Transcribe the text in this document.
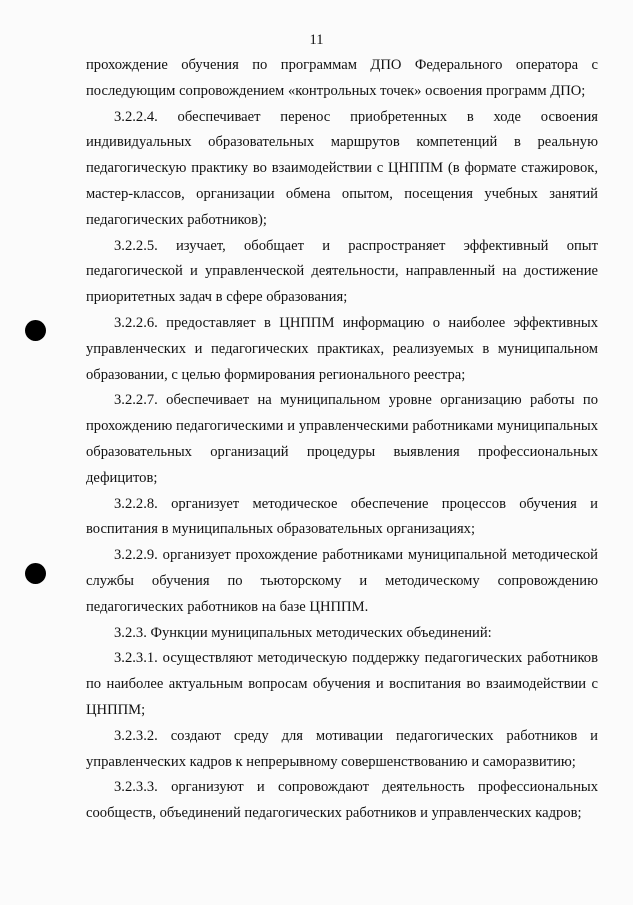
11

прохождение обучения по программам ДПО Федерального оператора с последующим сопровождением «контрольных точек» освоения программ ДПО;

3.2.2.4. обеспечивает перенос приобретенных в ходе освоения индивидуальных образовательных маршрутов компетенций в реальную педагогическую практику во взаимодействии с ЦНППМ (в формате стажировок, мастер-классов, организации обмена опытом, посещения учебных занятий педагогических работников);

3.2.2.5. изучает, обобщает и распространяет эффективный опыт педагогической и управленческой деятельности, направленный на достижение приоритетных задач в сфере образования;

3.2.2.6. предоставляет в ЦНППМ информацию о наиболее эффективных управленческих и педагогических практиках, реализуемых в муниципальном образовании, с целью формирования регионального реестра;

3.2.2.7. обеспечивает на муниципальном уровне организацию работы по прохождению педагогическими и управленческими работниками муниципальных образовательных организаций процедуры выявления профессиональных дефицитов;

3.2.2.8. организует методическое обеспечение процессов обучения и воспитания в муниципальных образовательных организациях;

3.2.2.9. организует прохождение работниками муниципальной методической службы обучения по тьюторскому и методическому сопровождению педагогических работников на базе ЦНППМ.

3.2.3. Функции муниципальных методических объединений:

3.2.3.1. осуществляют методическую поддержку педагогических работников по наиболее актуальным вопросам обучения и воспитания во взаимодействии с ЦНППМ;

3.2.3.2. создают среду для мотивации педагогических работников и управленческих кадров к непрерывному совершенствованию и саморазвитию;

3.2.3.3. организуют и сопровождают деятельность профессиональных сообществ, объединений педагогических работников и управленческих кадров;
